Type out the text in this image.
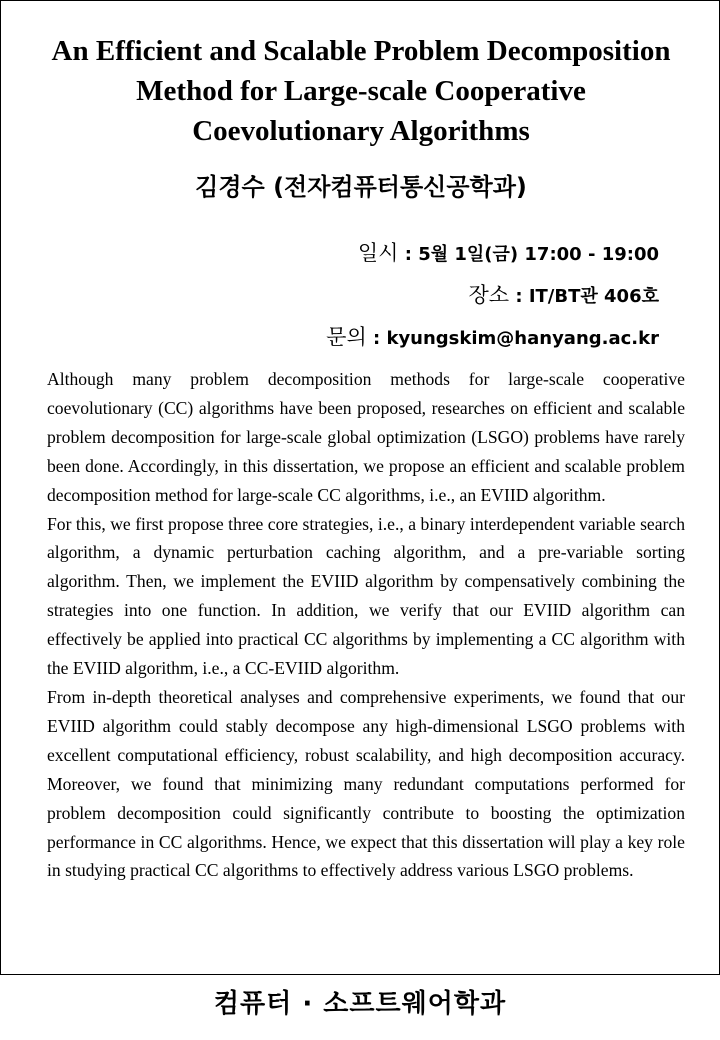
An Efficient and Scalable Problem Decomposition
Method for Large-scale Cooperative
Coevolutionary Algorithms
김경수 (전자컴퓨터통신공학과)
일시 : 5월 1일(금) 17:00 - 19:00
장소 : IT/BT관 406호
문의 : kyungskim@hanyang.ac.kr

Although many problem decomposition methods for large-scale cooperative coevolutionary (CC) algorithms have been proposed, researches on efficient and scalable problem decomposition for large-scale global optimization (LSGO) problems have rarely been done. Accordingly, in this dissertation, we propose an efficient and scalable problem decomposition method for large-scale CC algorithms, i.e., an EVIID algorithm.

For this, we first propose three core strategies, i.e., a binary interdependent variable search algorithm, a dynamic perturbation caching algorithm, and a pre-variable sorting algorithm. Then, we implement the EVIID algorithm by compensatively combining the strategies into one function. In addition, we verify that our EVIID algorithm can effectively be applied into practical CC algorithms by implementing a CC algorithm with the EVIID algorithm, i.e., a CC-EVIID algorithm.

From in-depth theoretical analyses and comprehensive experiments, we found that our EVIID algorithm could stably decompose any high-dimensional LSGO problems with excellent computational efficiency, robust scalability, and high decomposition accuracy. Moreover, we found that minimizing many redundant computations performed for problem decomposition could significantly contribute to boosting the optimization performance in CC algorithms. Hence, we expect that this dissertation will play a key role in studying practical CC algorithms to effectively address various LSGO problems.

컴퓨터 · 소프트웨어학과
